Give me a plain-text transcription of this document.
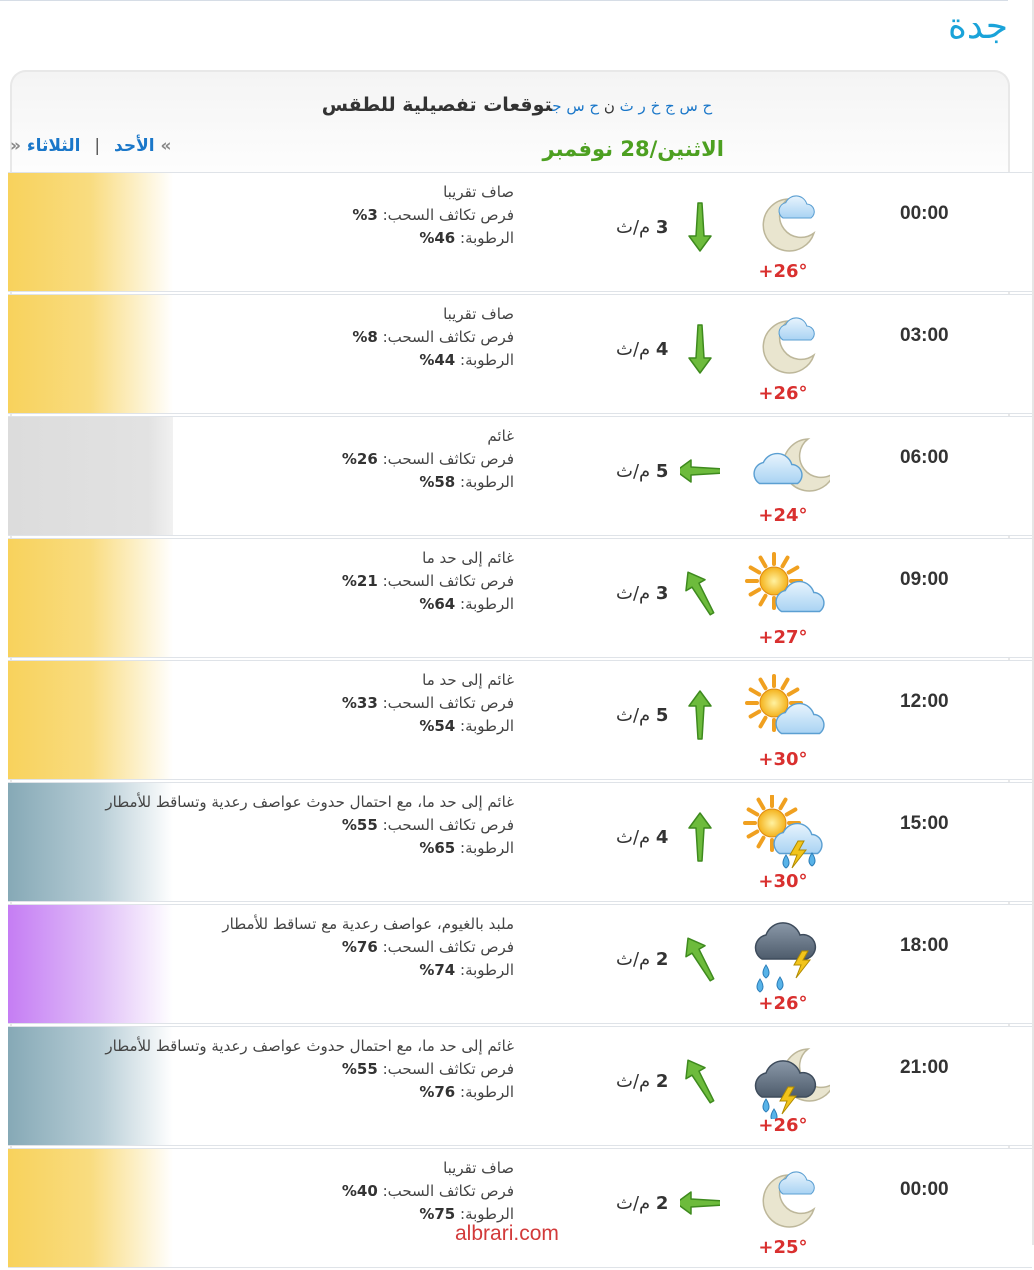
جدة
ح س ج خ ر ث ن ح س جتوقعات تفصيلية للطقس
الاثنين/28 نوفمبر
»	الأحد | الثلاثاء	«
صاف تقريبا
فرص تكاثف السحب: 3%
الرطوبة: 46%	3 م/ث
+26°
00:00
صاف تقريبا
فرص تكاثف السحب: 8%
الرطوبة: 44%	4 م/ث
+26°
03:00
غائم
فرص تكاثف السحب: 26%
الرطوبة: 58%	5 م/ث
+24°
06:00
غائم إلى حد ما
فرص تكاثف السحب: 21%
الرطوبة: 64%	3 م/ث
+27°
09:00
غائم إلى حد ما
فرص تكاثف السحب: 33%
الرطوبة: 54%	5 م/ث
+30°
12:00
غائم إلى حد ما، مع احتمال حدوث عواصف رعدية وتساقط للأمطار
فرص تكاثف السحب: 55%
الرطوبة: 65%	4 م/ث
+30°
15:00
ملبد بالغيوم، عواصف رعدية مع تساقط للأمطار
فرص تكاثف السحب: 76%
الرطوبة: 74%	2 م/ث
+26°
18:00
غائم إلى حد ما، مع احتمال حدوث عواصف رعدية وتساقط للأمطار
فرص تكاثف السحب: 55%
الرطوبة: 76%	2 م/ث
+26°
21:00
صاف تقريبا
فرص تكاثف السحب: 40%
الرطوبة: 75%	2 م/ث
+25°
00:00
albrari.com
